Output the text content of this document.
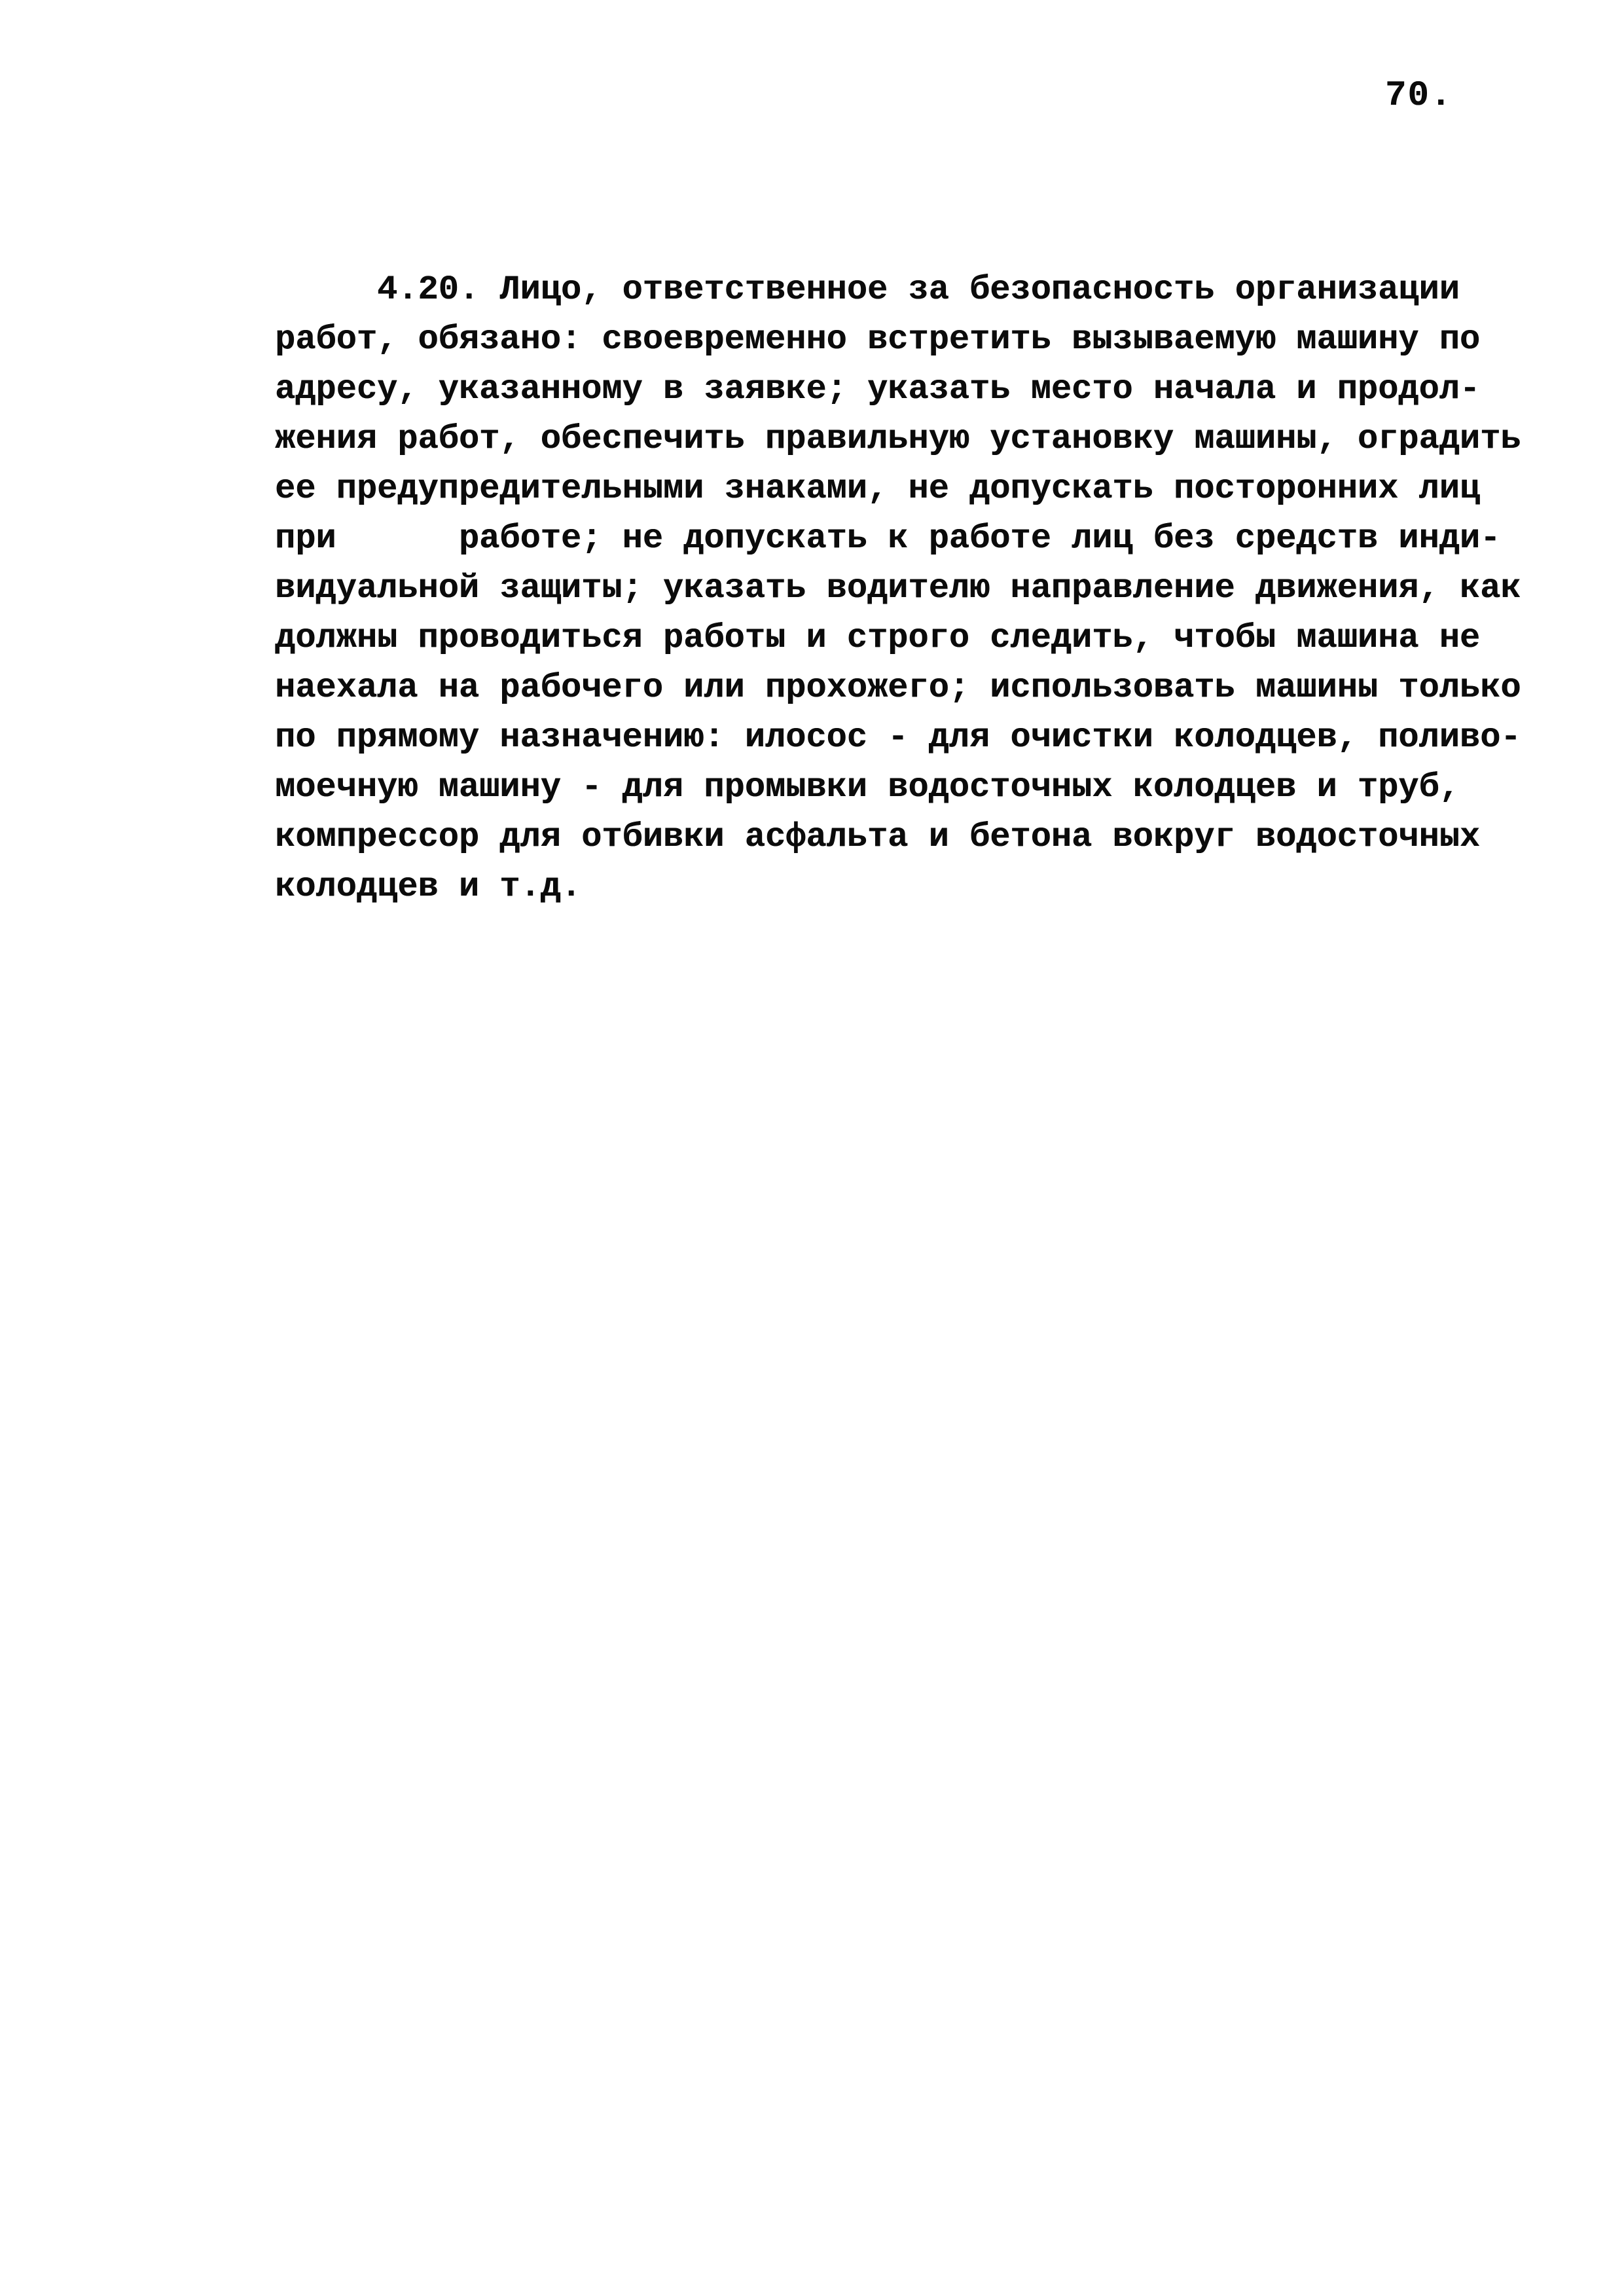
70.
4.20. Лицо, ответственное за безопасность организации
работ, обязано: своевременно встретить вызываемую машину по
адресу, указанному в заявке; указать место начала и продол-
жения работ, обеспечить правильную установку машины, оградить
ее предупредительными знаками, не допускать посторонних лиц
при      работе; не допускать к работе лиц без средств инди-
видуальной защиты; указать водителю направление движения, как
должны проводиться работы и строго следить, чтобы машина не
наехала на рабочего или прохожего; использовать машины только
по прямому назначению: илосос - для очистки колодцев, поливо-
моечную машину - для промывки водосточных колодцев и труб,
компрессор для отбивки асфальта и бетона вокруг водосточных
колодцев и т.д.
